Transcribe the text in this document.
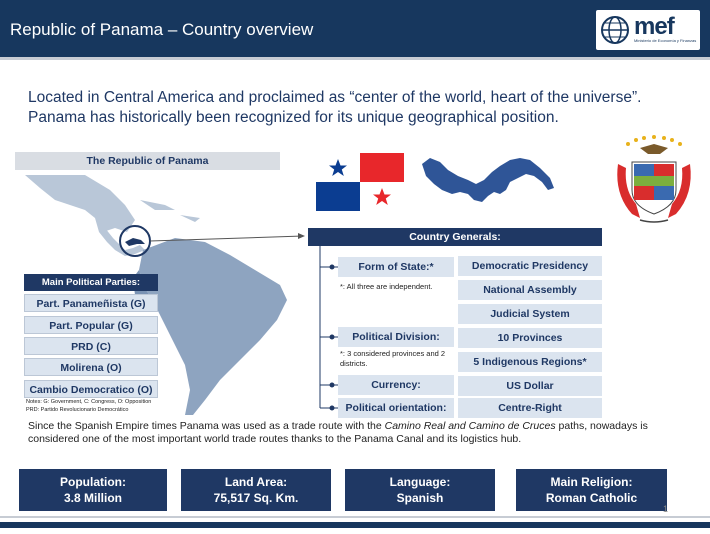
Republic of Panama – Country overview	mef
Ministerio de Economía y Finanzas
Located in Central America and proclaimed as “center of the world, heart of the universe”.
Panama has historically been recognized for its unique geographical position.
The Republic of Panama
Main Political Parties:
Part. Panameñista (G)
Part. Popular (G)
PRD (C)
Molirena (O)
Cambio Democratico (O)
Notes: G: Government, C: Congress, O: Opposition
PRD: Partido Revolucionario Democrático
Country Generals:
Form of State:*
*: All three are independent.
Political Division:
*: 3 considered provinces and 2 districts.
Currency:
Political orientation:
Democratic Presidency
National Assembly
Judicial System
10 Provinces
5 Indigenous Regions*
US Dollar
Centre-Right
Since the Spanish Empire times Panama was used as a trade route with the Camino Real and Camino de Cruces paths, nowadays is considered one of the most important world trade routes thanks to the Panama Canal and its logistics hub.
Population:
3.8 Million
Land Area:
75,517 Sq. Km.
Language:
Spanish
Main Religion:
Roman Catholic
1
